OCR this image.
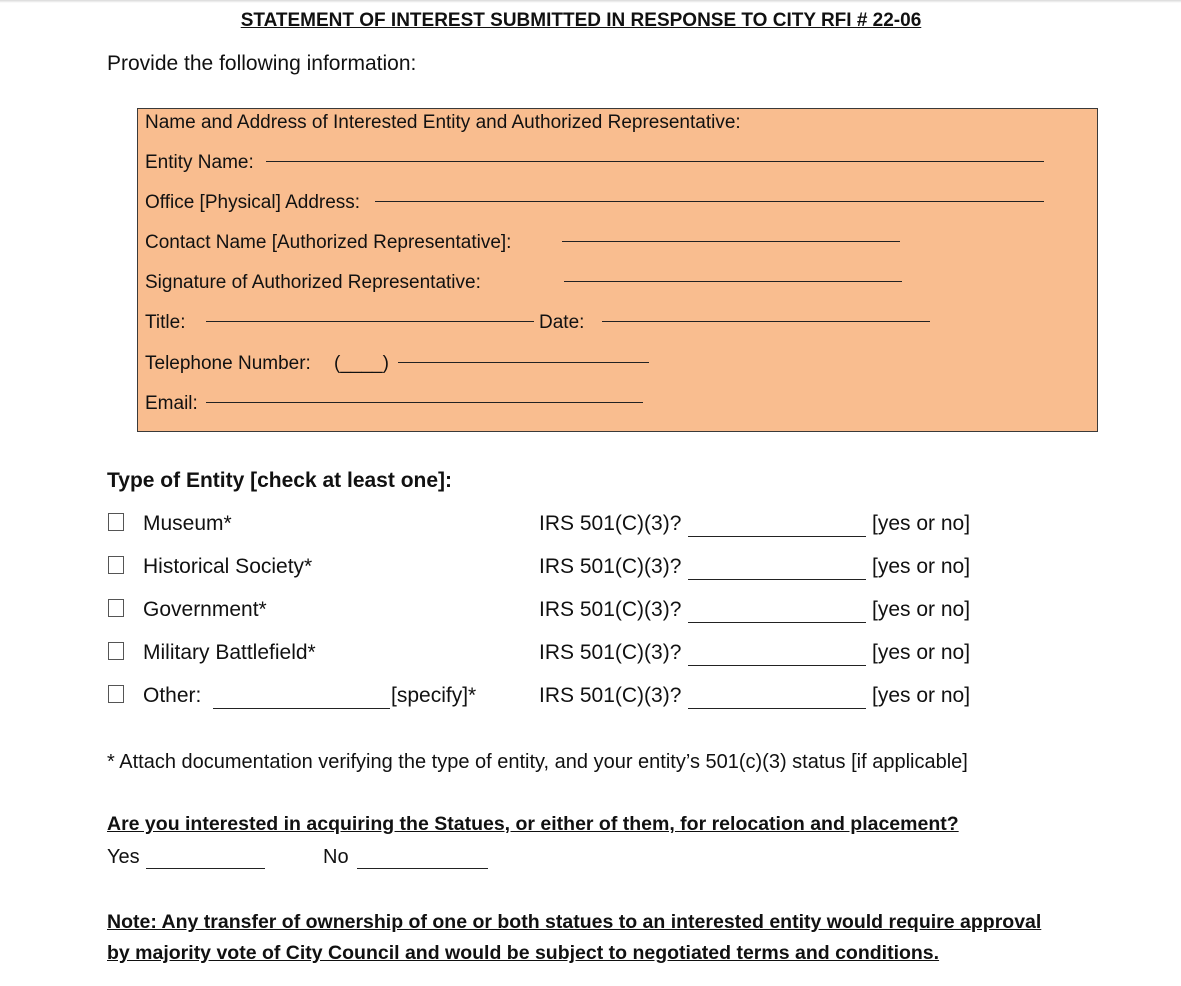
STATEMENT OF INTEREST SUBMITTED IN RESPONSE TO CITY RFI # 22-06
Provide the following information:
Name and Address of Interested Entity and Authorized Representative:
Entity Name:
Office [Physical] Address:
Contact Name [Authorized Representative]:
Signature of Authorized Representative:
Title:	Date:
Telephone Number: (____)
Email:
Type of Entity [check at least one]:
Museum*	IRS 501(C)(3)?	[yes or no]
Historical Society*	IRS 501(C)(3)?	[yes or no]
Government*	IRS 501(C)(3)?	[yes or no]
Military Battlefield*	IRS 501(C)(3)?	[yes or no]
Other:	[specify]*	IRS 501(C)(3)?	[yes or no]
* Attach documentation verifying the type of entity, and your entity’s 501(c)(3) status [if applicable]
Are you interested in acquiring the Statues, or either of them, for relocation and placement?
Yes	No
Note: Any transfer of ownership of one or both statues to an interested entity would require approval
by majority vote of City Council and would be subject to negotiated terms and conditions.
